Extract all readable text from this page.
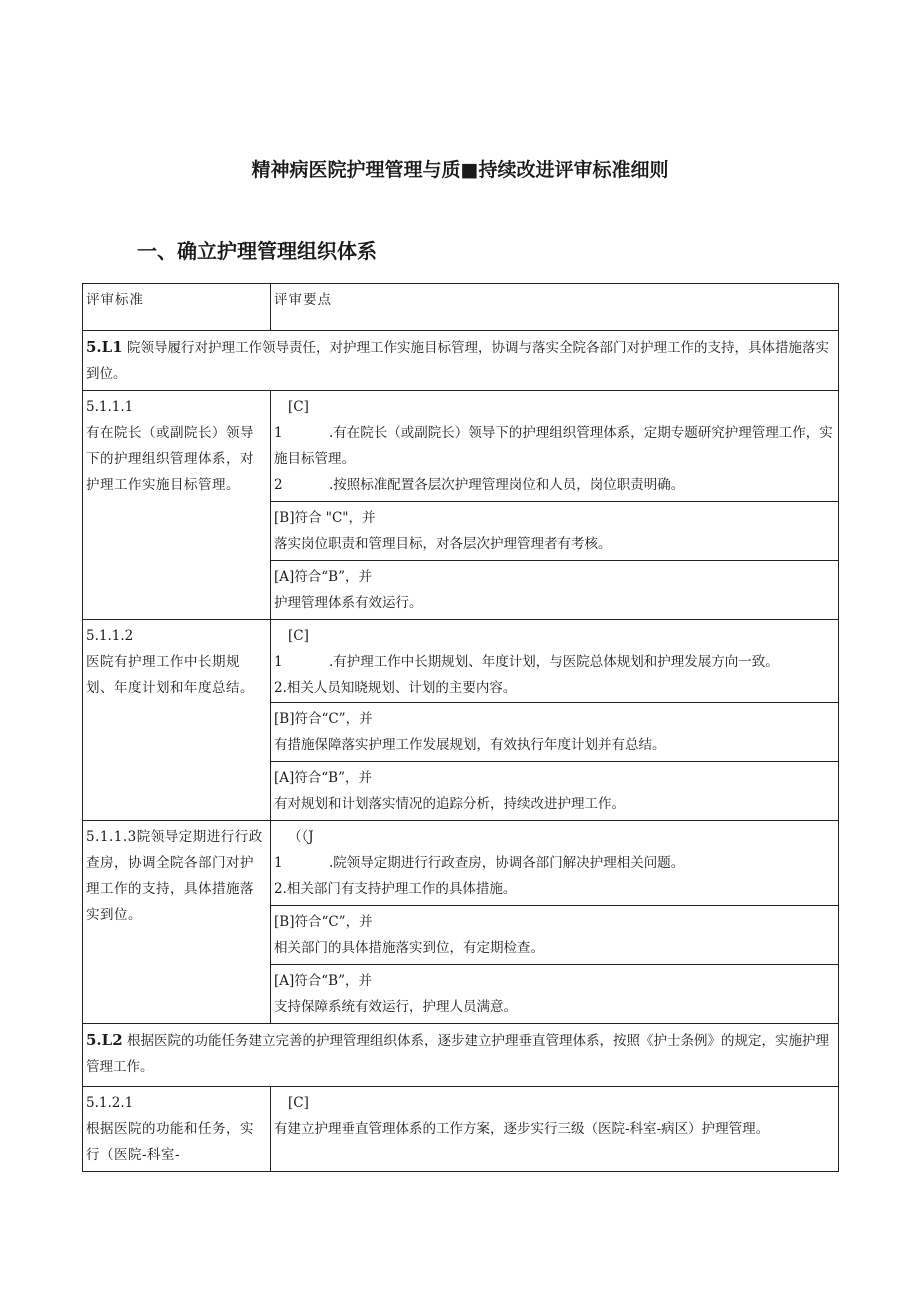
精神病医院护理管理与质■持续改进评审标准细则
一、确立护理管理组织体系
评审标准	评审要点
5.L1 院领导履行对护理工作领导责任，对护理工作实施目标管理，协调与落实全院各部门对护理工作的支持，具体措施落实到位。	

5.1.1.1
有在院长（或副院长）领导下的护理组织管理体系，对护理工作实施目标管理。	[C]
1 .有在院长（或副院长）领导下的护理组织管理体系，定期专题研究护理管理工作，实施目标管理。
2 .按照标准配置各层次护理管理岗位和人员，岗位职责明确。

	[B]符合 "C"，并
落实岗位职责和管理目标，对各层次护理管理者有考核。

	[A]符合“B”，并
护理管理体系有效运行。

5.1.1.2
医院有护理工作中长期规划、年度计划和年度总结。	[C]
1 .有护理工作中长期规划、年度计划，与医院总体规划和护理发展方向一致。
2.相关人员知晓规划、计划的主要内容。

	[B]符合“C”，并
有措施保障落实护理工作发展规划，有效执行年度计划并有总结。

	[A]符合“B”，并
有对规划和计划落实情况的追踪分析，持续改进护理工作。

5.1.1.3院领导定期进行行政查房，协调全院各部门对护理工作的支持，具体措施落实到位。	（（J
1 .院领导定期进行行政查房，协调各部门解决护理相关问题。
2.相关部门有支持护理工作的具体措施。

	[B]符合“C”，并
相关部门的具体措施落实到位，有定期检查。

	[A]符合“B”，并
支持保障系统有效运行，护理人员满意。

5.L2 根据医院的功能任务建立完善的护理管理组织体系，逐步建立护理垂直管理体系，按照《护士条例》的规定，实施护理管理工作。	

5.1.2.1
根据医院的功能和任务，实行（医院-科室-	[C]
有建立护理垂直管理体系的工作方案，逐步实行三级（医院-科室-病区）护理管理。
